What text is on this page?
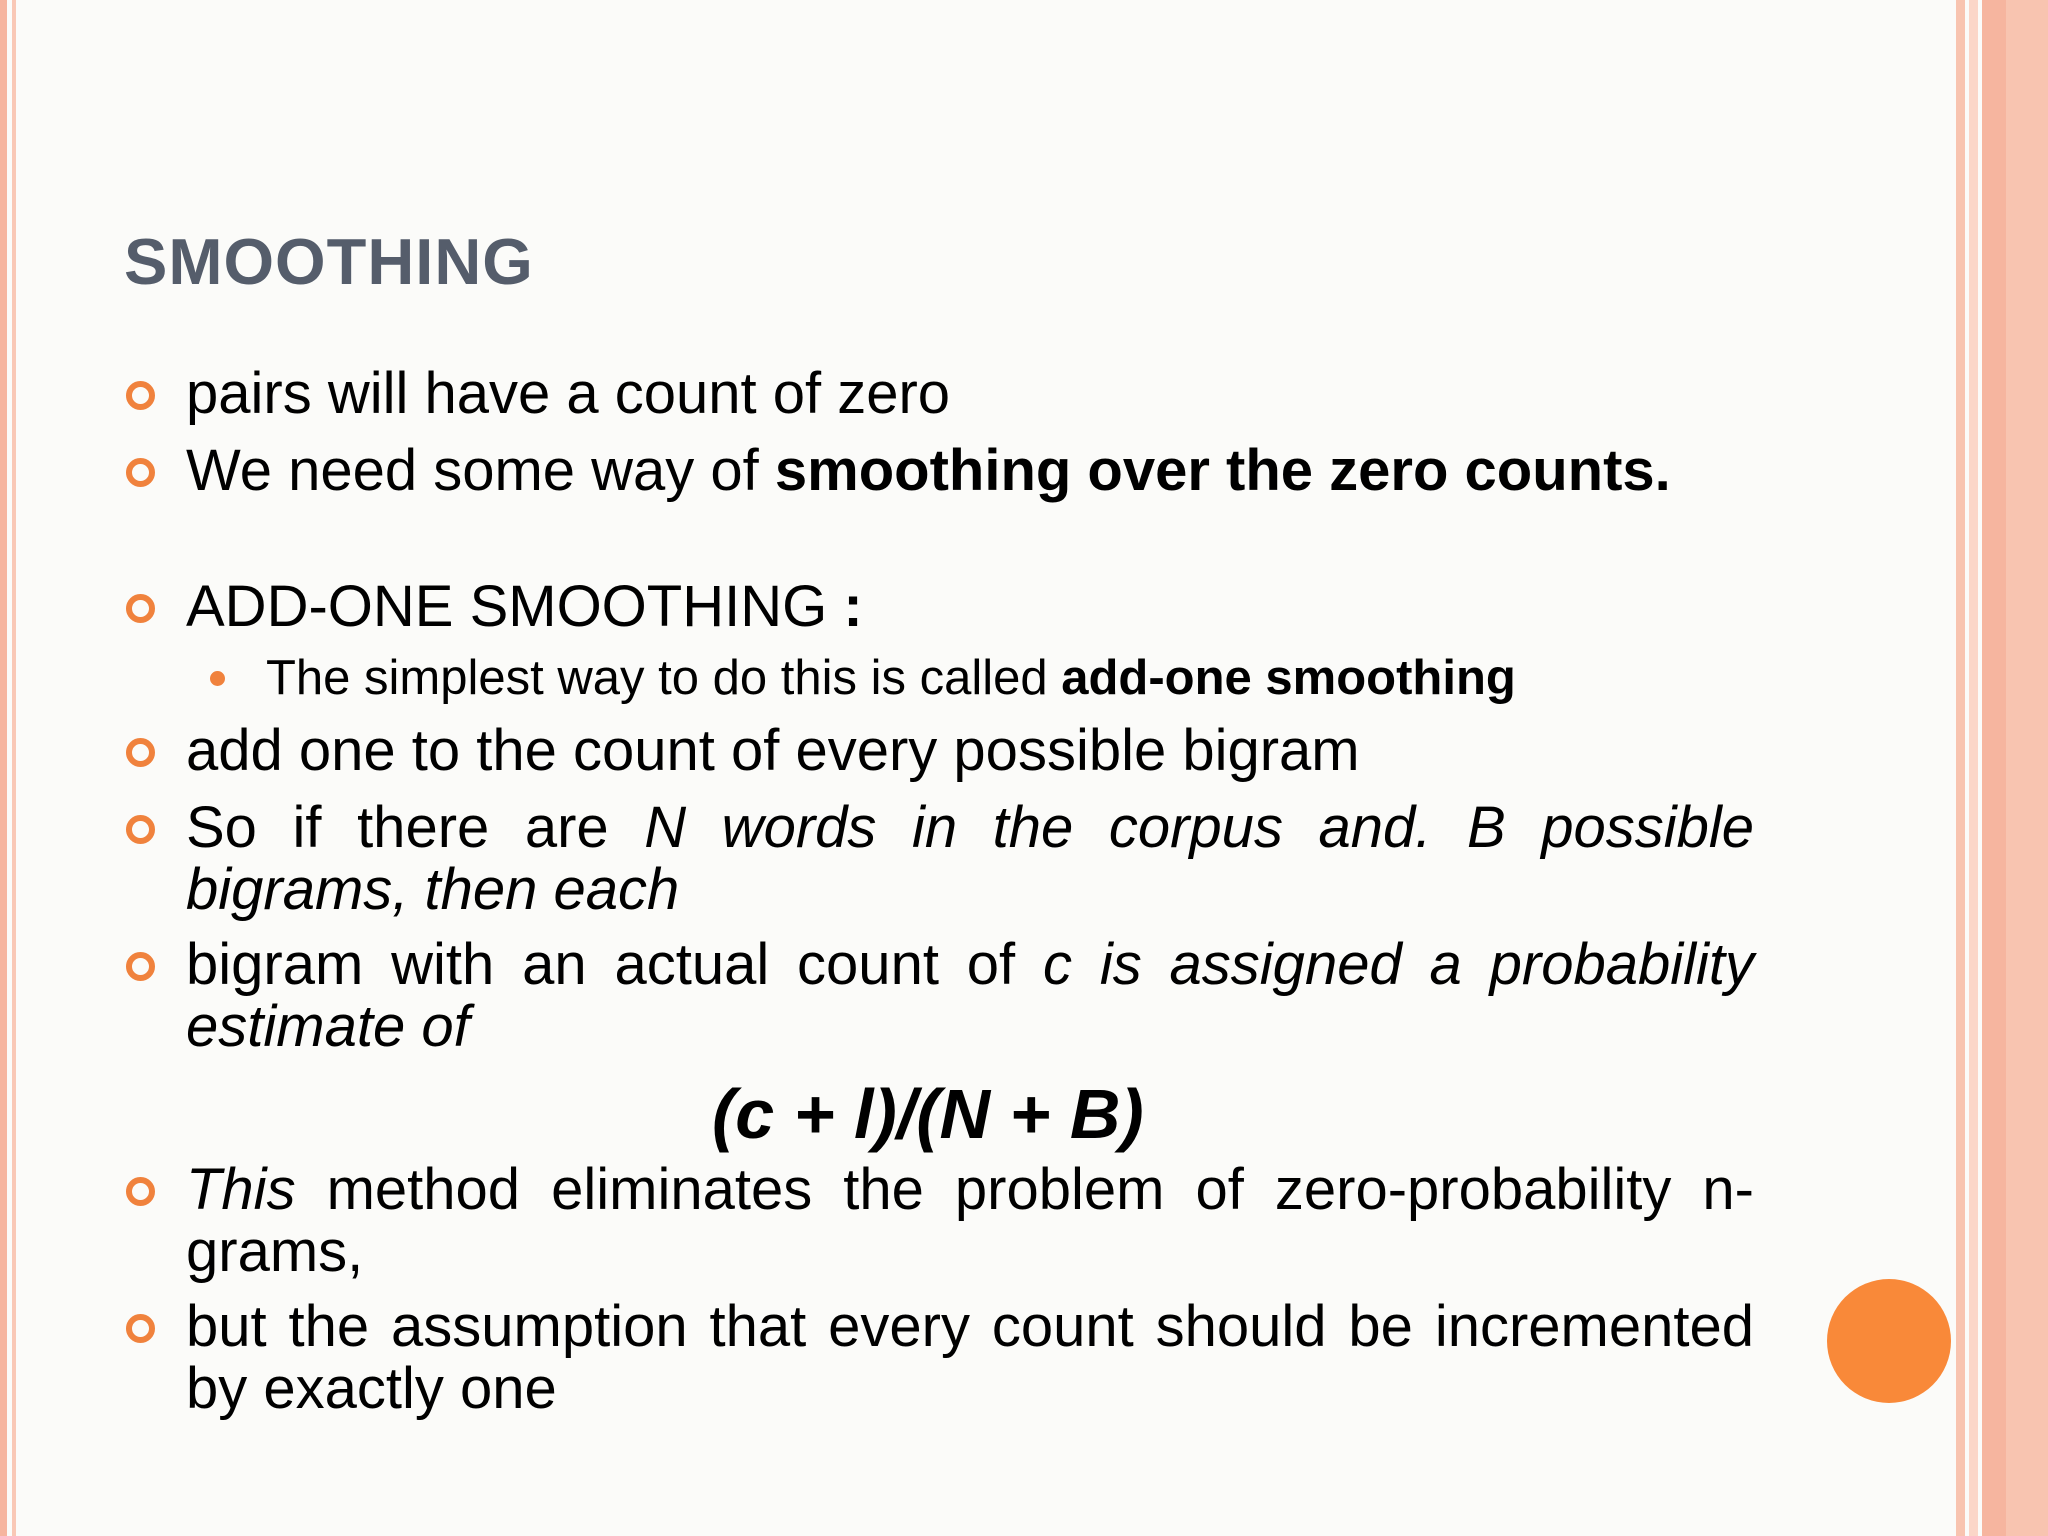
SMOOTHING
pairs will have a count of zero
We need some way of smoothing over the zero counts.
ADD-ONE SMOOTHING :
The simplest way to do this is called add-one smoothing
add one to the count of every possible bigram
So if there are N words in the corpus and. B possible bigrams, then each
bigram with an actual count of c is assigned a probability estimate of

(c + l)/(N + B)

This method eliminates the problem of zero-probability n-grams,
but the assumption that every count should be incremented by exactly one
